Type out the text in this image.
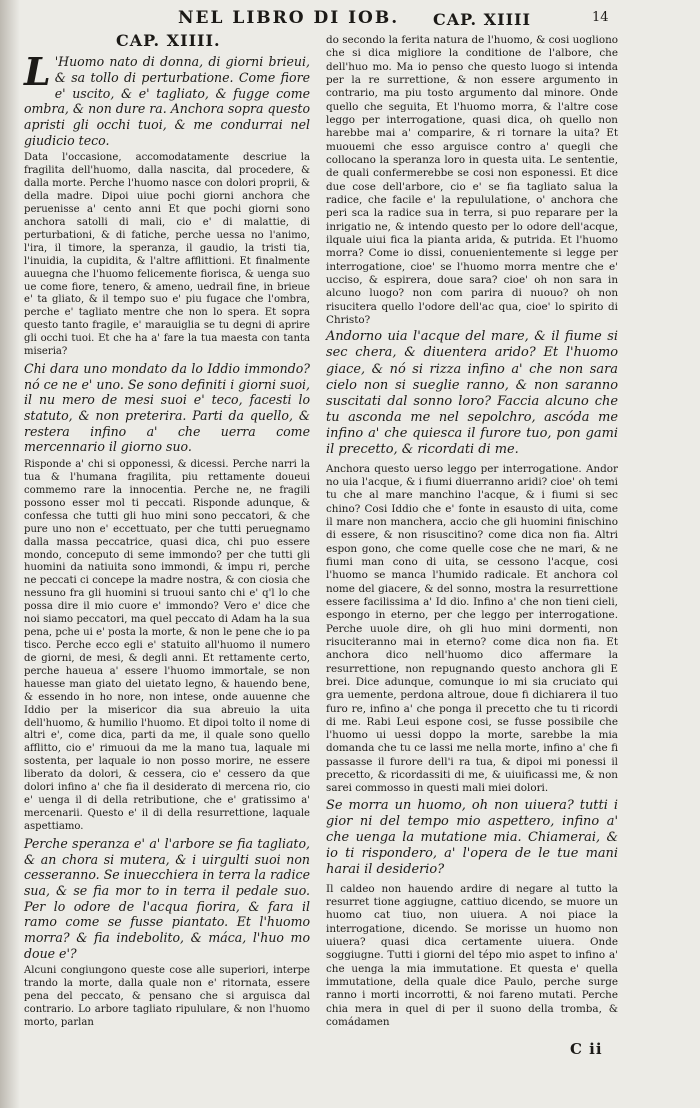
NEL LIBRO DI IOB. CAP. XIIII	14
CAP. XIIII.

L 'Huomo nato di donna, di giorni brieui, & sa tollo di perturbatione. Come fiore e' uscito, & e' tagliato, & fugge come ombra, & non dure ra. Anchora sopra questo apristi gli occhi tuoi, & me condurrai nel giudicio teco.

Data l'occasione, accomodatamente descriue la fragilita dell'huomo, dalla nascita, dal procedere, & dalla morte. Perche l'huomo nasce con dolori proprii, & della madre. Dipoi uiue pochi giorni anchora che peruenisse a' cento anni Et que pochi giorni sono anchora satolli di mali, cio e' di malattie, di perturbationi, & di fatiche, perche uessa no l'animo, l'ira, il timore, la speranza, il gaudio, la tristi tia, l'inuidia, la cupidita, & l'altre afflittioni. Et finalmente auuegna che l'huomo felicemente fiorisca, & uenga suo ue come fiore, tenero, & ameno, uedrail fine, in brieue e' ta gliato, & il tempo suo e' piu fugace che l'ombra, perche e' tagliato mentre che non lo spera. Et sopra questo tanto fragile, e' marauiglia se tu degni di aprire gli occhi tuoi. Et che ha a' fare la tua maesta con tanta miseria?

Chi dara uno mondato da lo Iddio immondo? nó ce ne e' uno. Se sono definiti i giorni suoi, il nu mero de mesi suoi e' teco, facesti lo statuto, & non preterira. Parti da quello, & restera infino a' che uerra come mercennario il giorno suo.

Risponde a' chi si opponessi, & dicessi. Perche narri la tua & l'humana fragilita, piu rettamente doueui commemo rare la innocentia. Perche ne, ne fragili possono esser mol ti peccati. Risponde adunque, & confessa che tutti gli huo mini sono peccatori, & che pure uno non e' eccettuato, per che tutti peruegnamo dalla massa peccatrice, quasi dica, chi puo essere mondo, conceputo di seme immondo? per che tutti gli huomini da natiuita sono immondi, & impu ri, perche ne peccati ci concepe la madre nostra, & con ciosia che nessuno fra gli huomini si truoui santo chi e' q'l lo che possa dire il mio cuore e' immondo? Vero e' dice che noi siamo peccatori, ma quel peccato di Adam ha la sua pena, pche ui e' posta la morte, & non le pene che io pa tisco. Perche ecco egli e' statuito all'huomo il numero de giorni, de mesi, & degli anni. Et rettamente certo, perche haueua a' essere l'huomo immortale, se non hauesse man giato del uietato legno, & hauendo bene, & essendo in ho nore, non intese, onde auuenne che Iddio per la misericor dia sua abreuio la uita dell'huomo, & humilio l'huomo. Et dipoi tolto il nome di altri e', come dica, parti da me, il quale sono quello afflitto, cio e' rimuoui da me la mano tua, laquale mi sostenta, per laquale io non posso morire, ne essere liberato da dolori, & cessera, cio e' cessero da que dolori infino a' che fia il desiderato di mercena rio, cio e' uenga il di della retributione, che e' gratissimo a' mercenarii. Questo e' il di della resurrettione, laquale aspettiamo.

Perche speranza e' a' l'arbore se fia tagliato, & an chora si mutera, & i uirgulti suoi non cesseranno. Se inuecchiera in terra la radice sua, & se fia mor to in terra il pedale suo. Per lo odore de l'acqua fiorira, & fara il ramo come se fusse piantato. Et l'huomo morra? & fia indebolito, & máca, l'huo mo doue e'?

Alcuni congiungono queste cose alle superiori, interpe trando la morte, dalla quale non e' ritornata, essere pena del peccato, & pensano che si arguisca dal contrario. Lo arbore tagliato ripululare, & non l'huomo morto, parlan

do secondo la ferita natura de l'huomo, & cosi uogliono che si dica migliore la conditione de l'albore, che dell'huo mo. Ma io penso che questo luogo si intenda per la re surrettione, & non essere argumento in contrario, ma piu tosto argumento dal minore. Onde quello che seguita, Et l'huomo morra, & l'altre cose leggo per interrogatione, quasi dica, oh quello non harebbe mai a' comparire, & ri tornare la uita? Et muouemi che esso arguisce contro a' quegli che collocano la speranza loro in questa uita. Le sententie, de quali confermerebbe se cosi non esponessi. Et dice due cose dell'arbore, cio e' se fia tagliato salua la radice, che facile e' la repululatione, o' anchora che peri sca la radice sua in terra, si puo reparare per la inrigatio ne, & intendo questo per lo odore dell'acque, ilquale uiui fica la pianta arida, & putrida. Et l'huomo morra? Come io dissi, conuenientemente si legge per interrogatione, cioe' se l'huomo morra mentre che e' ucciso, & espirera, doue sara? cioe' oh non sara in alcuno luogo? non com parira di nuouo? oh non risucitera quello l'odore dell'ac qua, cioe' lo spirito di Christo?

Andorno uia l'acque del mare, & il fiume si sec chera, & diuentera arido? Et l'huomo giace, & nó si rizza infino a' che non sara cielo non si sueglie ranno, & non saranno suscitati dal sonno loro? Faccia alcuno che tu asconda me nel sepolchro, ascóda me infino a' che quiesca il furore tuo, pon gami il precetto, & ricordati di me.

Anchora questo uerso leggo per interrogatione. Andor no uia l'acque, & i fiumi diuerranno aridi? cioe' oh temi tu che al mare manchino l'acque, & i fiumi si sec chino? Cosi Iddio che e' fonte in esausto di uita, come il mare non manchera, accio che gli huomini finischino di essere, & non risuscitino? come dica non fia. Altri espon gono, che come quelle cose che ne mari, & ne fiumi man cono di uita, se cessono l'acque, cosi l'huomo se manca l'humido radicale. Et anchora col nome del giacere, & del sonno, mostra la resurrettione essere facilissima a' Id dio. Infino a' che non tieni cieli, espongo in eterno, per che leggo per interrogatione. Perche uuole dire, oh gli huo mini dormenti, non risuciteranno mai in eterno? come dica non fia. Et anchora dico nell'huomo dico affermare la resurrettione, non repugnando questo anchora gli E brei. Dice adunque, comunque io mi sia cruciato qui gra uemente, perdona altroue, doue fi dichiarera il tuo furo re, infino a' che ponga il precetto che tu ti ricordi di me. Rabi Leui espone cosi, se fusse possibile che l'huomo ui uessi doppo la morte, sarebbe la mia domanda che tu ce lassi me nella morte, infino a' che fi passasse il furore dell'i ra tua, & dipoi mi ponessi il precetto, & ricordassiti di me, & uiuificassi me, & non sarei commosso in questi mali miei dolori.

Se morra un huomo, oh non uiuera? tutti i gior ni del tempo mio aspettero, infino a' che uenga la mutatione mia. Chiamerai, & io ti rispondero, a' l'opera de le tue mani harai il desiderio?

Il caldeo non hauendo ardire di negare al tutto la resurret tione aggiugne, cattiuo dicendo, se muore un huomo cat tiuo, non uiuera. A noi piace la interrogatione, dicendo. Se morisse un huomo non uiuera? quasi dica certamente uiuera. Onde soggiugne. Tutti i giorni del tépo mio aspet to infino a' che uenga la mia immutatione. Et questa e' quella immutatione, della quale dice Paulo, perche surge ranno i morti incorrotti, & noi fareno mutati. Perche chia mera in quel di per il suono della tromba, & comádamen

C ii
